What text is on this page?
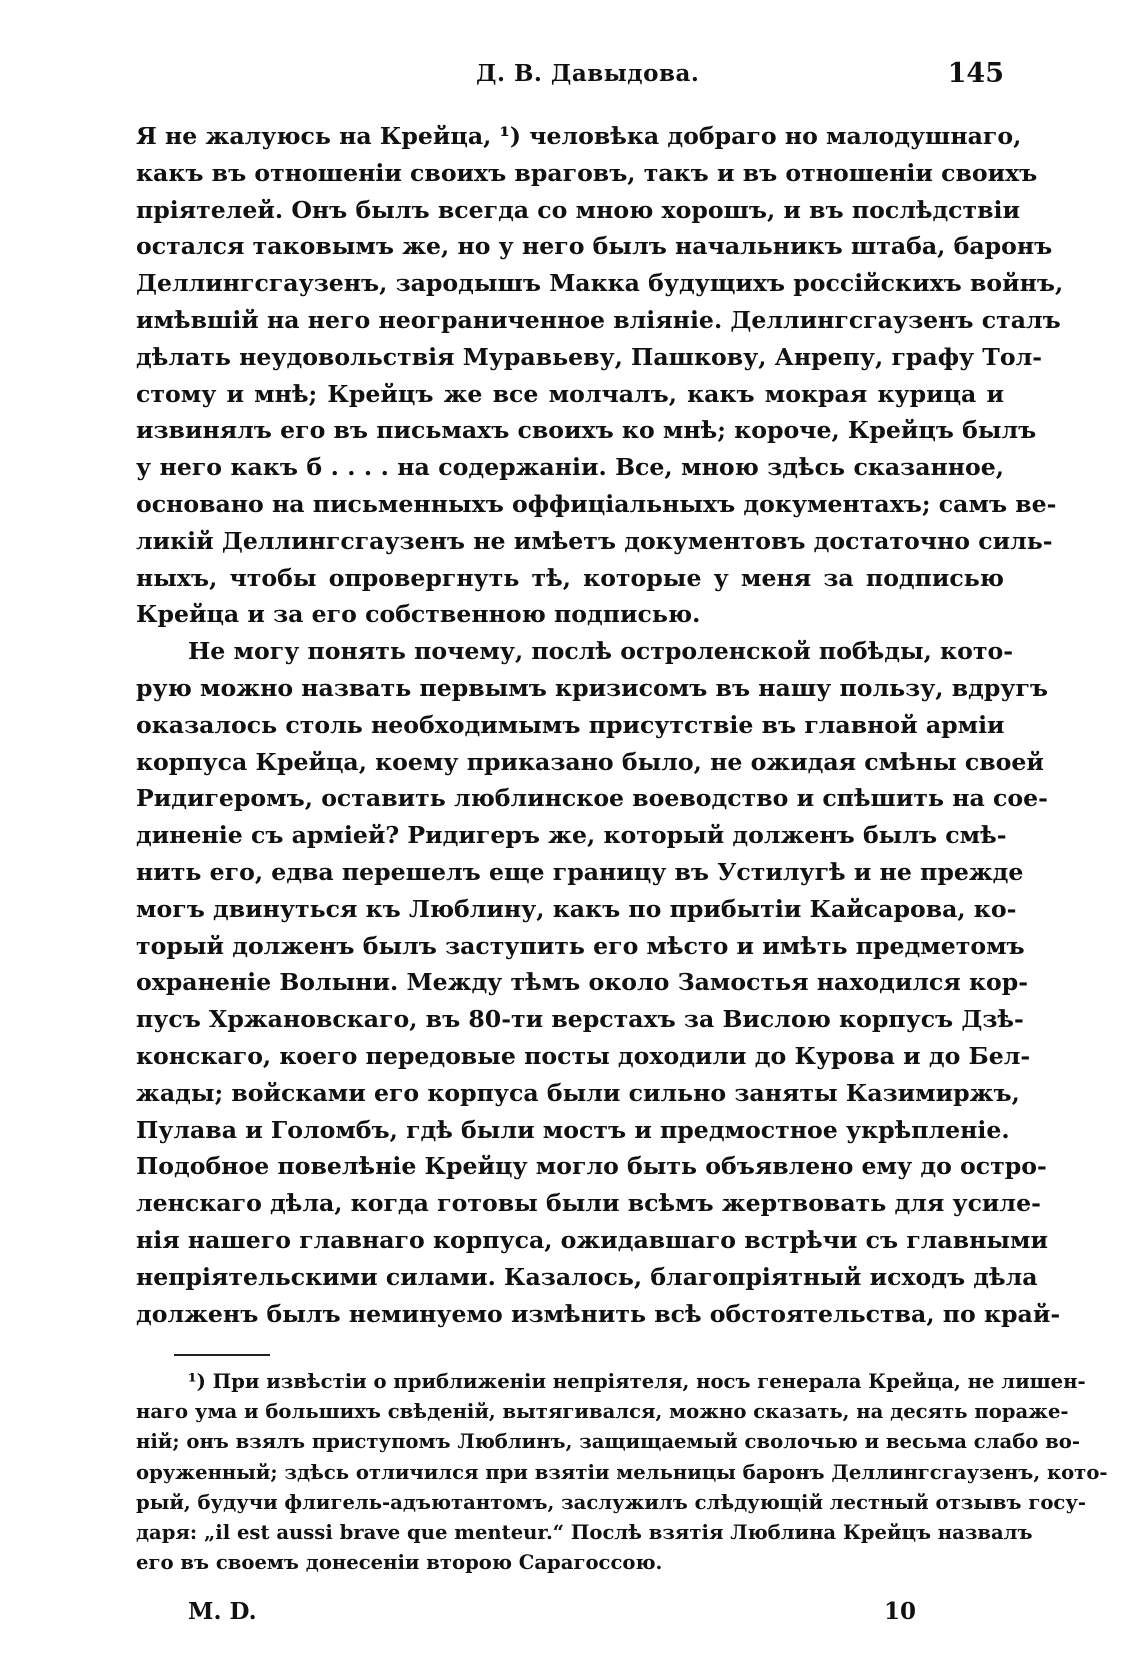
Д. В. Давыдова.	145
Я не жалуюсь на Крейца, ¹) человѣка добраго но малодушнаго,
какъ въ отношеніи своихъ враговъ, такъ и въ отношеніи своихъ
пріятелей. Онъ былъ всегда со мною хорошъ, и въ послѣдствіи
остался таковымъ же, но у него былъ начальникъ штаба, баронъ
Деллингсгаузенъ, зародышъ Макка будущихъ россійскихъ войнъ,
имѣвшій на него неограниченное вліяніе. Деллингсгаузенъ сталъ
дѣлать неудовольствія Муравьеву, Пашкову, Анрепу, графу Тол-
стому и мнѣ; Крейцъ же все молчалъ, какъ мокрая курица и
извинялъ его въ письмахъ своихъ ко мнѣ; короче, Крейцъ былъ
у него какъ б . . . . на содержаніи. Все, мною здѣсь сказанное,
основано на письменныхъ оффиціальныхъ документахъ; самъ ве-
ликій Деллингсгаузенъ не имѣетъ документовъ достаточно силь-
ныхъ, чтобы опровергнуть тѣ, которые у меня за подписью
Крейца и за его собственною подписью.
Не могу понять почему, послѣ остроленской побѣды, кото-
рую можно назвать первымъ кризисомъ въ нашу пользу, вдругъ
оказалось столь необходимымъ присутствіе въ главной арміи
корпуса Крейца, коему приказано было, не ожидая смѣны своей
Ридигеромъ, оставить люблинское воеводство и спѣшить на сое-
диненіе съ арміей? Ридигеръ же, который долженъ былъ смѣ-
нить его, едва перешелъ еще границу въ Устилугѣ и не прежде
могъ двинуться къ Люблину, какъ по прибытіи Кайсарова, ко-
торый долженъ былъ заступить его мѣсто и имѣть предметомъ
охраненіе Волыни. Между тѣмъ около Замостья находился кор-
пусъ Хржановскаго, въ 80-ти верстахъ за Вислою корпусъ Дзѣ-
конскаго, коего передовые посты доходили до Курова и до Бел-
жады; войсками его корпуса были сильно заняты Казимиржъ,
Пулава и Голомбъ, гдѣ были мостъ и предмостное укрѣпленіе.
Подобное повелѣніе Крейцу могло быть объявлено ему до остро-
ленскаго дѣла, когда готовы были всѣмъ жертвовать для усиле-
нія нашего главнаго корпуса, ожидавшаго встрѣчи съ главными
непріятельскими силами. Казалось, благопріятный исходъ дѣла
долженъ былъ неминуемо измѣнить всѣ обстоятельства, по край-
¹) При извѣстіи о приближеніи непріятеля, носъ генерала Крейца, не лишен-
наго ума и большихъ свѣденій, вытягивался, можно сказать, на десять пораже-
ній; онъ взялъ приступомъ Люблинъ, защищаемый сволочью и весьма слабо во-
оруженный; здѣсь отличился при взятіи мельницы баронъ Деллингсгаузенъ, кото-
рый, будучи флигель-адъютантомъ, заслужилъ слѣдующій лестный отзывъ госу-
даря: „il est aussi brave que menteur.“ Послѣ взятія Люблина Крейцъ назвалъ
его въ своемъ донесеніи второю Сарагоссою.
M. D.	10
